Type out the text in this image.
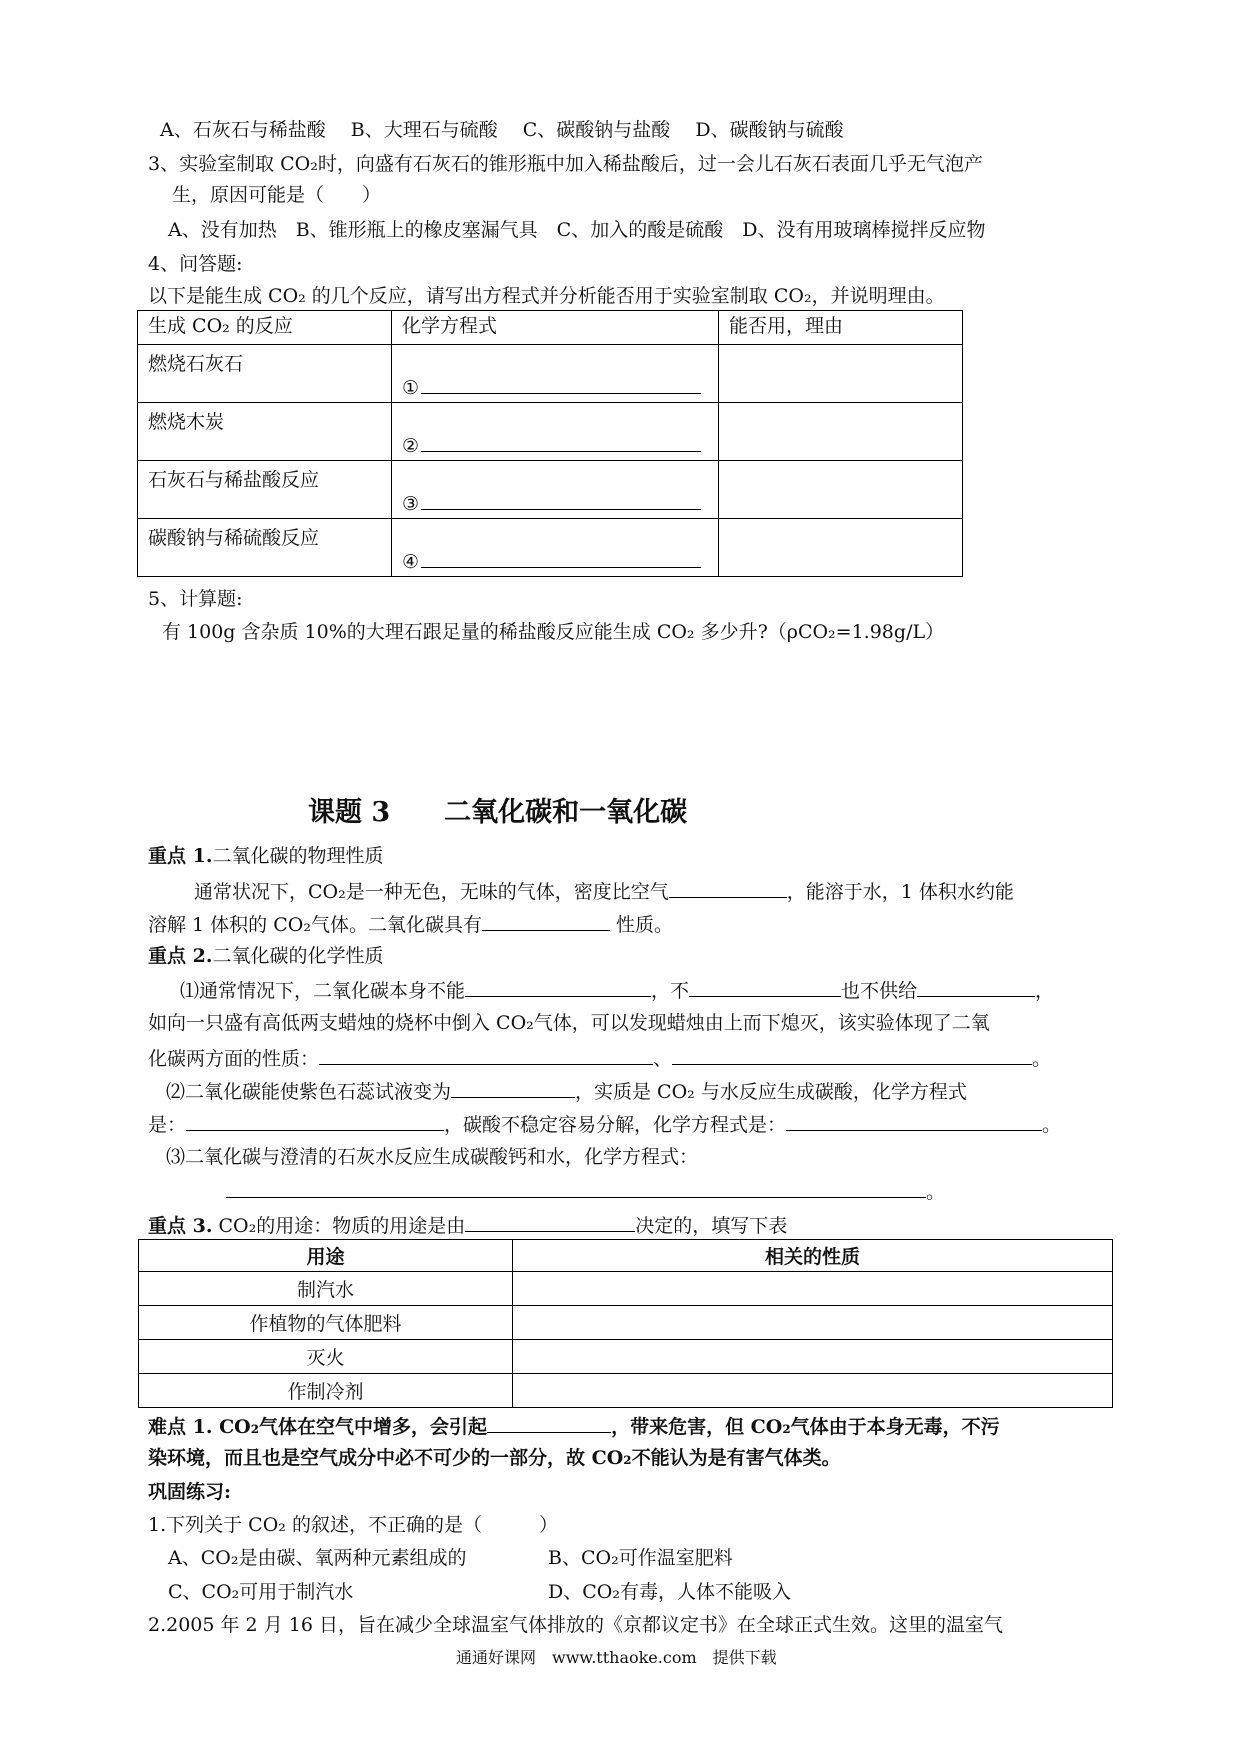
A、石灰石与稀盐酸　 B、大理石与硫酸　 C、碳酸钠与盐酸　 D、碳酸钠与硫酸
3、实验室制取 CO₂时，向盛有石灰石的锥形瓶中加入稀盐酸后，过一会儿石灰石表面几乎无气泡产
生，原因可能是（　　）
A、没有加热　B、锥形瓶上的橡皮塞漏气具　C、加入的酸是硫酸　D、没有用玻璃棒搅拌反应物
4、问答题:
以下是能生成 CO₂ 的几个反应，请写出方程式并分析能否用于实验室制取 CO₂，并说明理由。
生成 CO₂ 的反应	化学方程式	能否用，理由

燃烧石灰石	①	

燃烧木炭	②	

石灰石与稀盐酸反应	③	

碳酸钠与稀硫酸反应	④	

5、计算题:
有 100g 含杂质 10%的大理石跟足量的稀盐酸反应能生成 CO₂ 多少升?（ρCO₂=1.98g/L）
课题 3　　二氧化碳和一氧化碳
重点 1.二氧化碳的物理性质
通常状况下，CO₂是一种无色，无味的气体，密度比空气	，能溶于水，1 体积水约能
溶解 1 体积的 CO₂气体。二氧化碳具有	性质。
重点 2.二氧化碳的化学性质
⑴通常情况下，二氧化碳本身不能	，不	也不供给	，
如向一只盛有高低两支蜡烛的烧杯中倒入 CO₂气体，可以发现蜡烛由上而下熄灭，该实验体现了二氧
化碳两方面的性质：	、	。
⑵二氧化碳能使紫色石蕊试液变为	，实质是 CO₂ 与水反应生成碳酸，化学方程式
是：	，碳酸不稳定容易分解，化学方程式是：	。
⑶二氧化碳与澄清的石灰水反应生成碳酸钙和水，化学方程式：
。
重点 3. CO₂的用途：物质的用途是由	决定的，填写下表
用途	相关的性质
制汽水	
作植物的气体肥料	
灭火	
作制冷剂	
难点 1. CO₂气体在空气中增多，会引起	，带来危害，但 CO₂气体由于本身无毒，不污
染环境，而且也是空气成分中必不可少的一部分，故 CO₂不能认为是有害气体类。
巩固练习:
1.下列关于 CO₂ 的叙述，不正确的是（　　　）
A、CO₂是由碳、氧两种元素组成的	B、CO₂可作温室肥料
C、CO₂可用于制汽水	D、CO₂有毒，人体不能吸入
2.2005 年 2 月 16 日，旨在减少全球温室气体排放的《京都议定书》在全球正式生效。这里的温室气
通通好课网　www.tthaoke.com　提供下载
